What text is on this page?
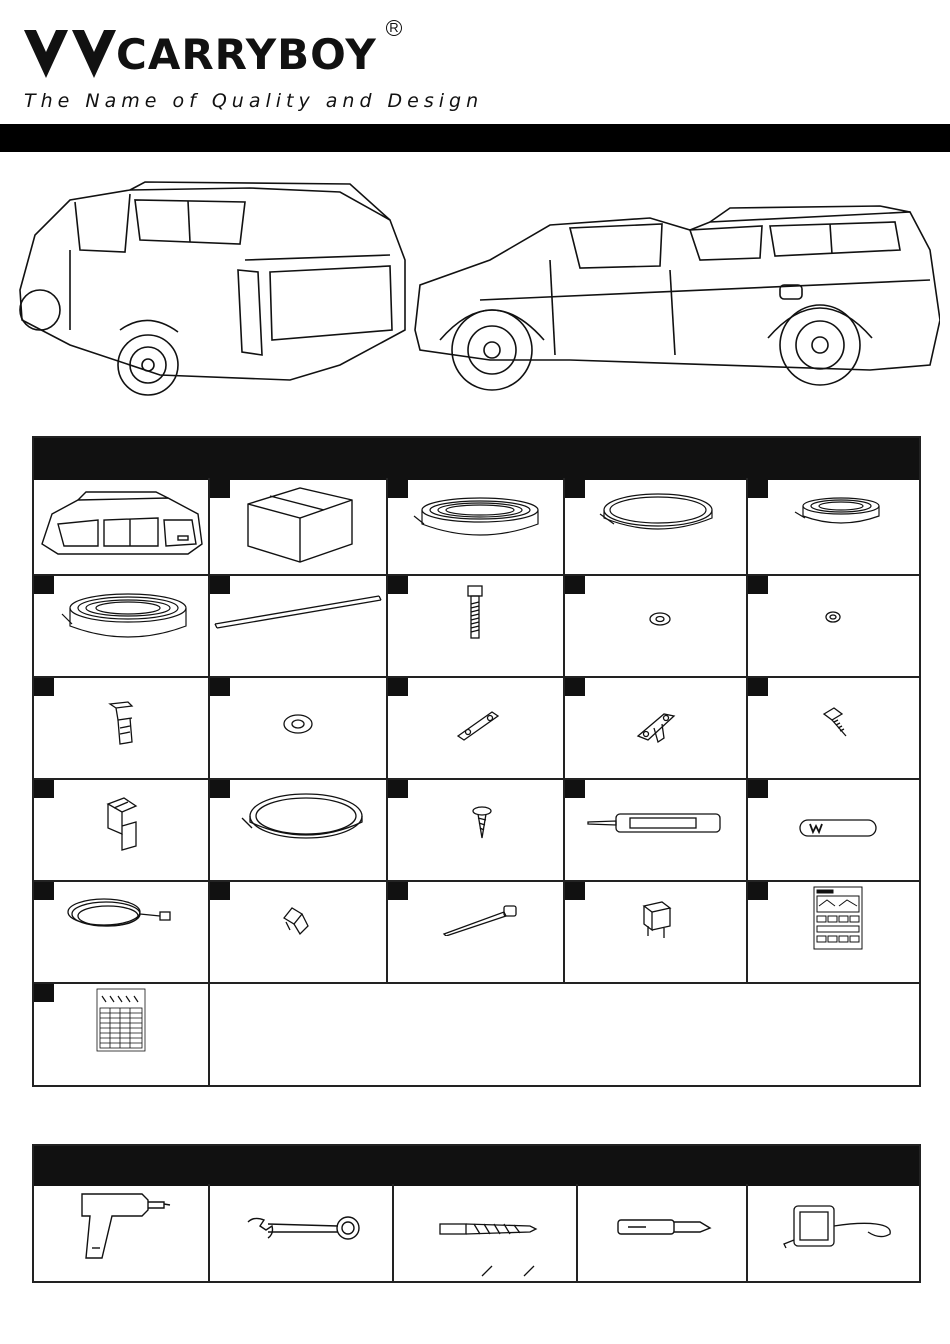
CARRYBOY
R
The Name of Quality and Design
